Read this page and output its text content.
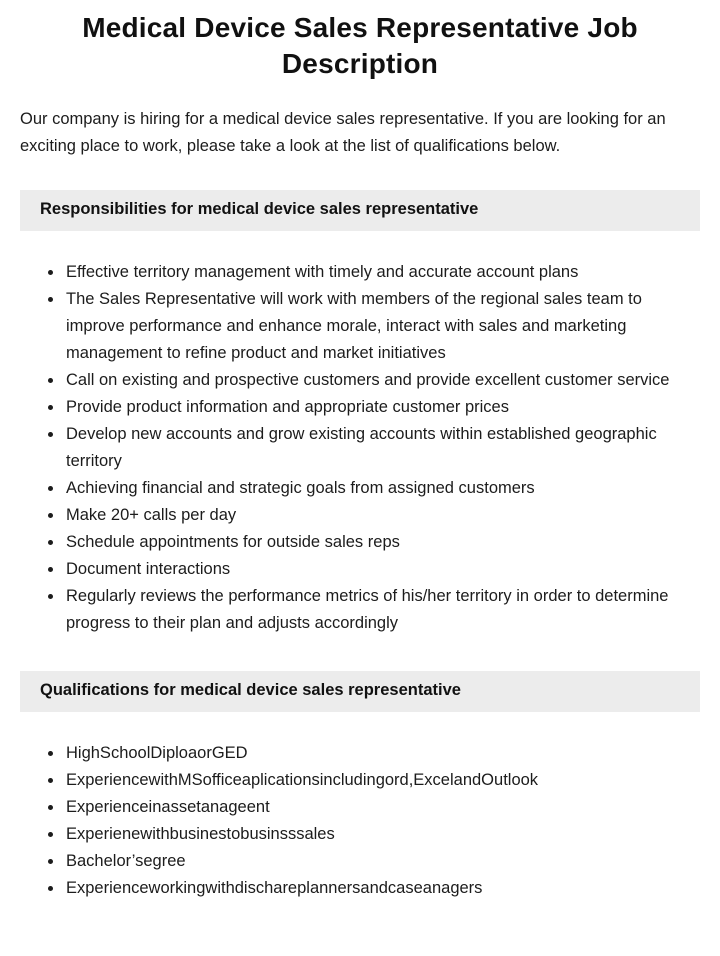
Medical Device Sales Representative Job Description

Our company is hiring for a medical device sales representative. If you are looking for an exciting place to work, please take a look at the list of qualifications below.

Responsibilities for medical device sales representative
• Effective territory management with timely and accurate account plans
• The Sales Representative will work with members of the regional sales team to improve performance and enhance morale, interact with sales and marketing management to refine product and market initiatives
• Call on existing and prospective customers and provide excellent customer service
• Provide product information and appropriate customer prices
• Develop new accounts and grow existing accounts within established geographic territory
• Achieving financial and strategic goals from assigned customers
• Make 20+ calls per day
• Schedule appointments for outside sales reps
• Document interactions
• Regularly reviews the performance metrics of his/her territory in order to determine progress to their plan and adjusts accordingly
Qualifications for medical device sales representative
• HighSchoolDiploaorGED
• ExperiencewithMSofficeaplicationsincludingord,ExcelandOutlook
• Experienceinassetanageent
• Experienewithbusinestobusinsssales
• Bachelor’segree
• Experienceworkingwithdischareplannersandcaseanagers
